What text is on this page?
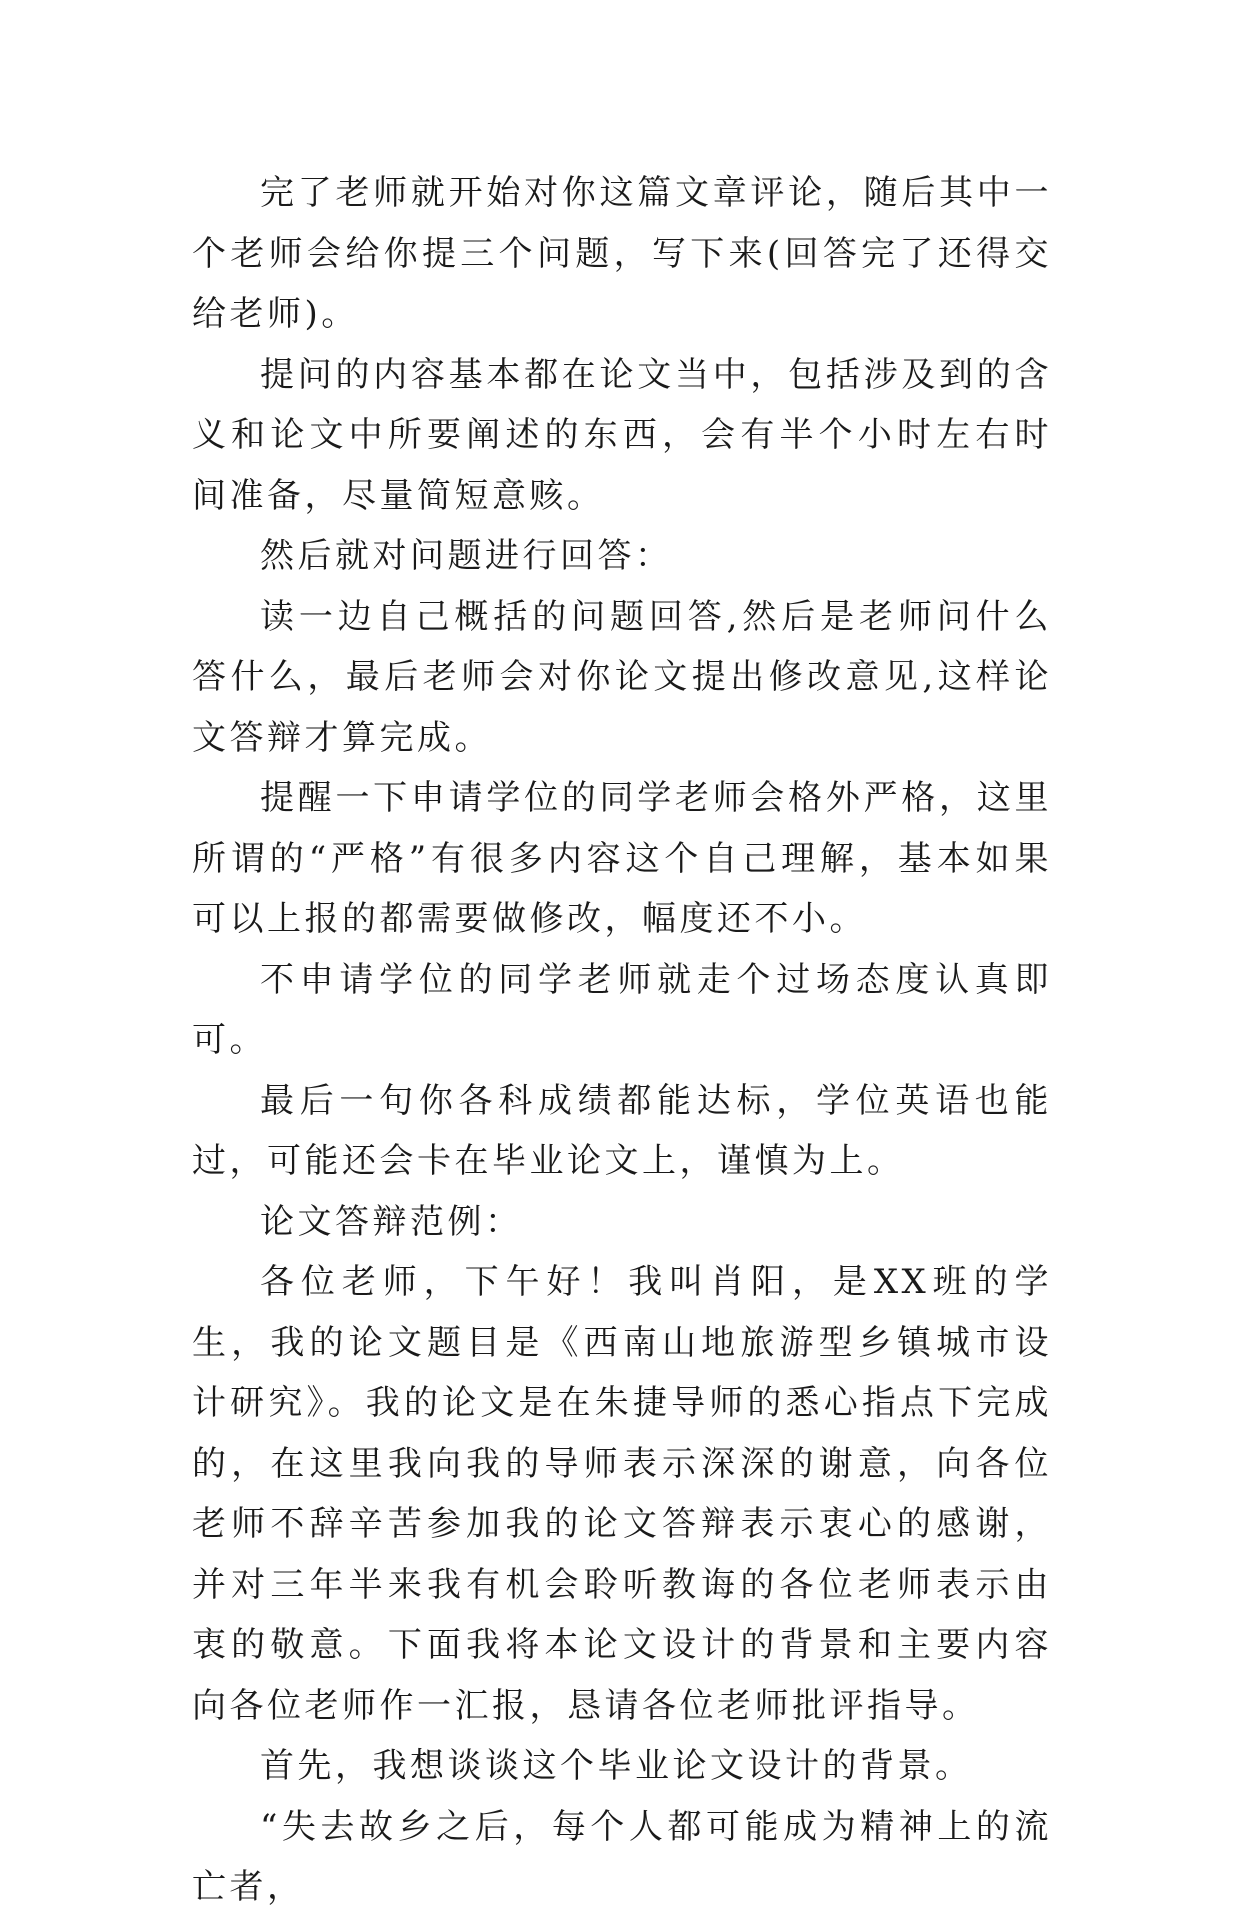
完了老师就开始对你这篇文章评论，随后其中一个老师会给你提三个问题，写下来(回答完了还得交给老师)。

提问的内容基本都在论文当中，包括涉及到的含义和论文中所要阐述的东西，会有半个小时左右时间准备，尽量简短意赅。

然后就对问题进行回答：

读一边自己概括的问题回答,然后是老师问什么答什么，最后老师会对你论文提出修改意见,这样论文答辩才算完成。

提醒一下申请学位的同学老师会格外严格，这里所谓的“严格”有很多内容这个自己理解，基本如果可以上报的都需要做修改，幅度还不小。

不申请学位的同学老师就走个过场态度认真即可。

最后一句你各科成绩都能达标，学位英语也能过，可能还会卡在毕业论文上，谨慎为上。

论文答辩范例：

各位老师，下午好！我叫肖阳，是XX班的学生，我的论文题目是《西南山地旅游型乡镇城市设计研究》。我的论文是在朱捷导师的悉心指点下完成的，在这里我向我的导师表示深深的谢意，向各位老师不辞辛苦参加我的论文答辩表示衷心的感谢，并对三年半来我有机会聆听教诲的各位老师表示由衷的敬意。下面我将本论文设计的背景和主要内容向各位老师作一汇报，恳请各位老师批评指导。

首先，我想谈谈这个毕业论文设计的背景。

“失去故乡之后，每个人都可能成为精神上的流亡者，
